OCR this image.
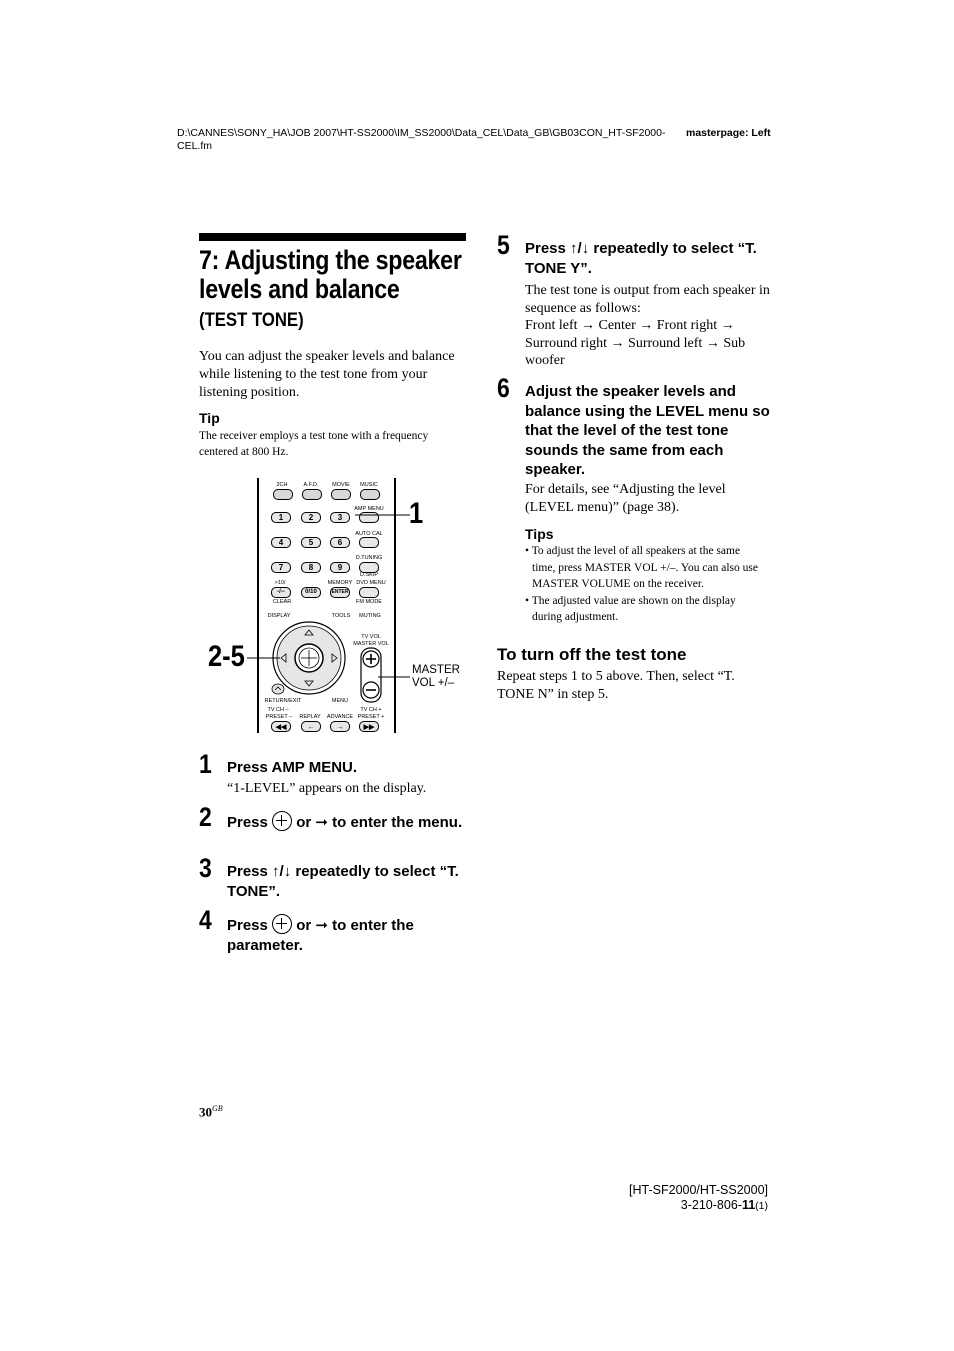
D:\CANNES\SONY_HA\JOB 2007\HT-SS2000\IM_SS2000\Data_CEL\Data_GB\GB03CON_HT-SF2000-CEL.fm
masterpage: Left
7: Adjusting the speaker levels and balance
(TEST TONE)
You can adjust the speaker levels and balance while listening to the test tone from your listening position.
Tip
The receiver employs a test tone with a frequency centered at 800 Hz.
2CH	A.F.D.	MOVIE	MUSIC
AMP MENU
1	2	3
AUTO CAL
4	5	6
D.TUNING
7	8	9
D.SKIP
>10/	MEMORY DVD MENU
-/--	0/10	ENTER
CLEAR	FM MODE
DISPLAY	TOOLS	MUTING
TV VOL
MASTER VOL
RETURN/EXIT	MENU
TV CH –	TV CH +
PRESET –	REPLAY	ADVANCE PRESET +
◀◀	←	→	▶▶
1
2-5	MASTER VOL +/–
1 Press AMP MENU.
“1-LEVEL” appears on the display.
2 Press or ➞ to enter the menu.
3 Press ↑/↓ repeatedly to select “T. TONE”.
4 Press or ➞ to enter the parameter.
5 Press ↑/↓ repeatedly to select “T. TONE Y”.
The test tone is output from each speaker in sequence as follows:
Front left → Center → Front right → Surround right → Surround left → Sub woofer
6 Adjust the speaker levels and balance using the LEVEL menu so that the level of the test tone sounds the same from each speaker.
For details, see “Adjusting the level (LEVEL menu)” (page 38).
Tips
• To adjust the level of all speakers at the same time, press MASTER VOL +/–. You can also use MASTER VOLUME on the receiver.
• The adjusted value are shown on the display during adjustment.
To turn off the test tone
Repeat steps 1 to 5 above. Then, select “T. TONE N” in step 5.
$30^{GB}$
[HT-SF2000/HT-SS2000]
3-210-806-11(1)
